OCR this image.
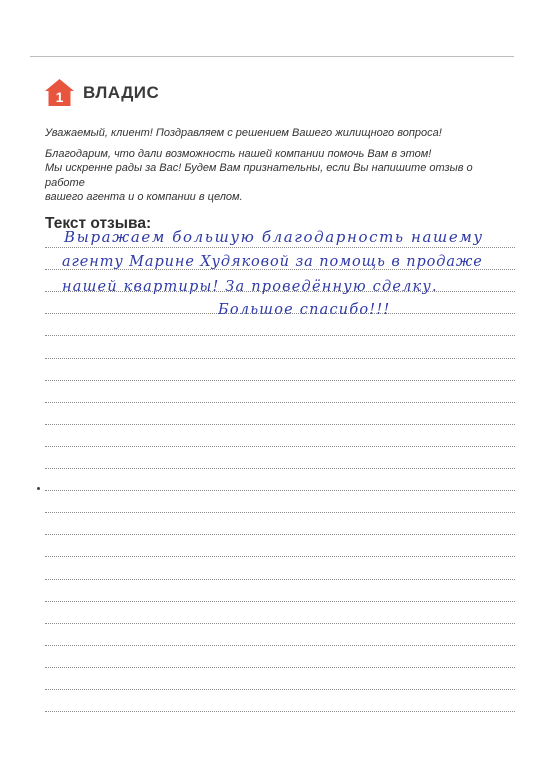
1 ВЛАДИС

Уважаемый, клиент! Поздравляем с решением Вашего жилищного вопроса!

Благодарим, что дали возможность нашей компании помочь Вам в этом!

Мы искренне рады за Вас! Будем Вам признательны, если Вы напишите отзыв о работе

вашего агента и о компании в целом.

Текст отзыва:
Выражаем большую благодарность нашему
агенту Марине Худяковой за помощь в продаже
нашей квартиры! За проведённую сделку.
Большое спасибо!!!
